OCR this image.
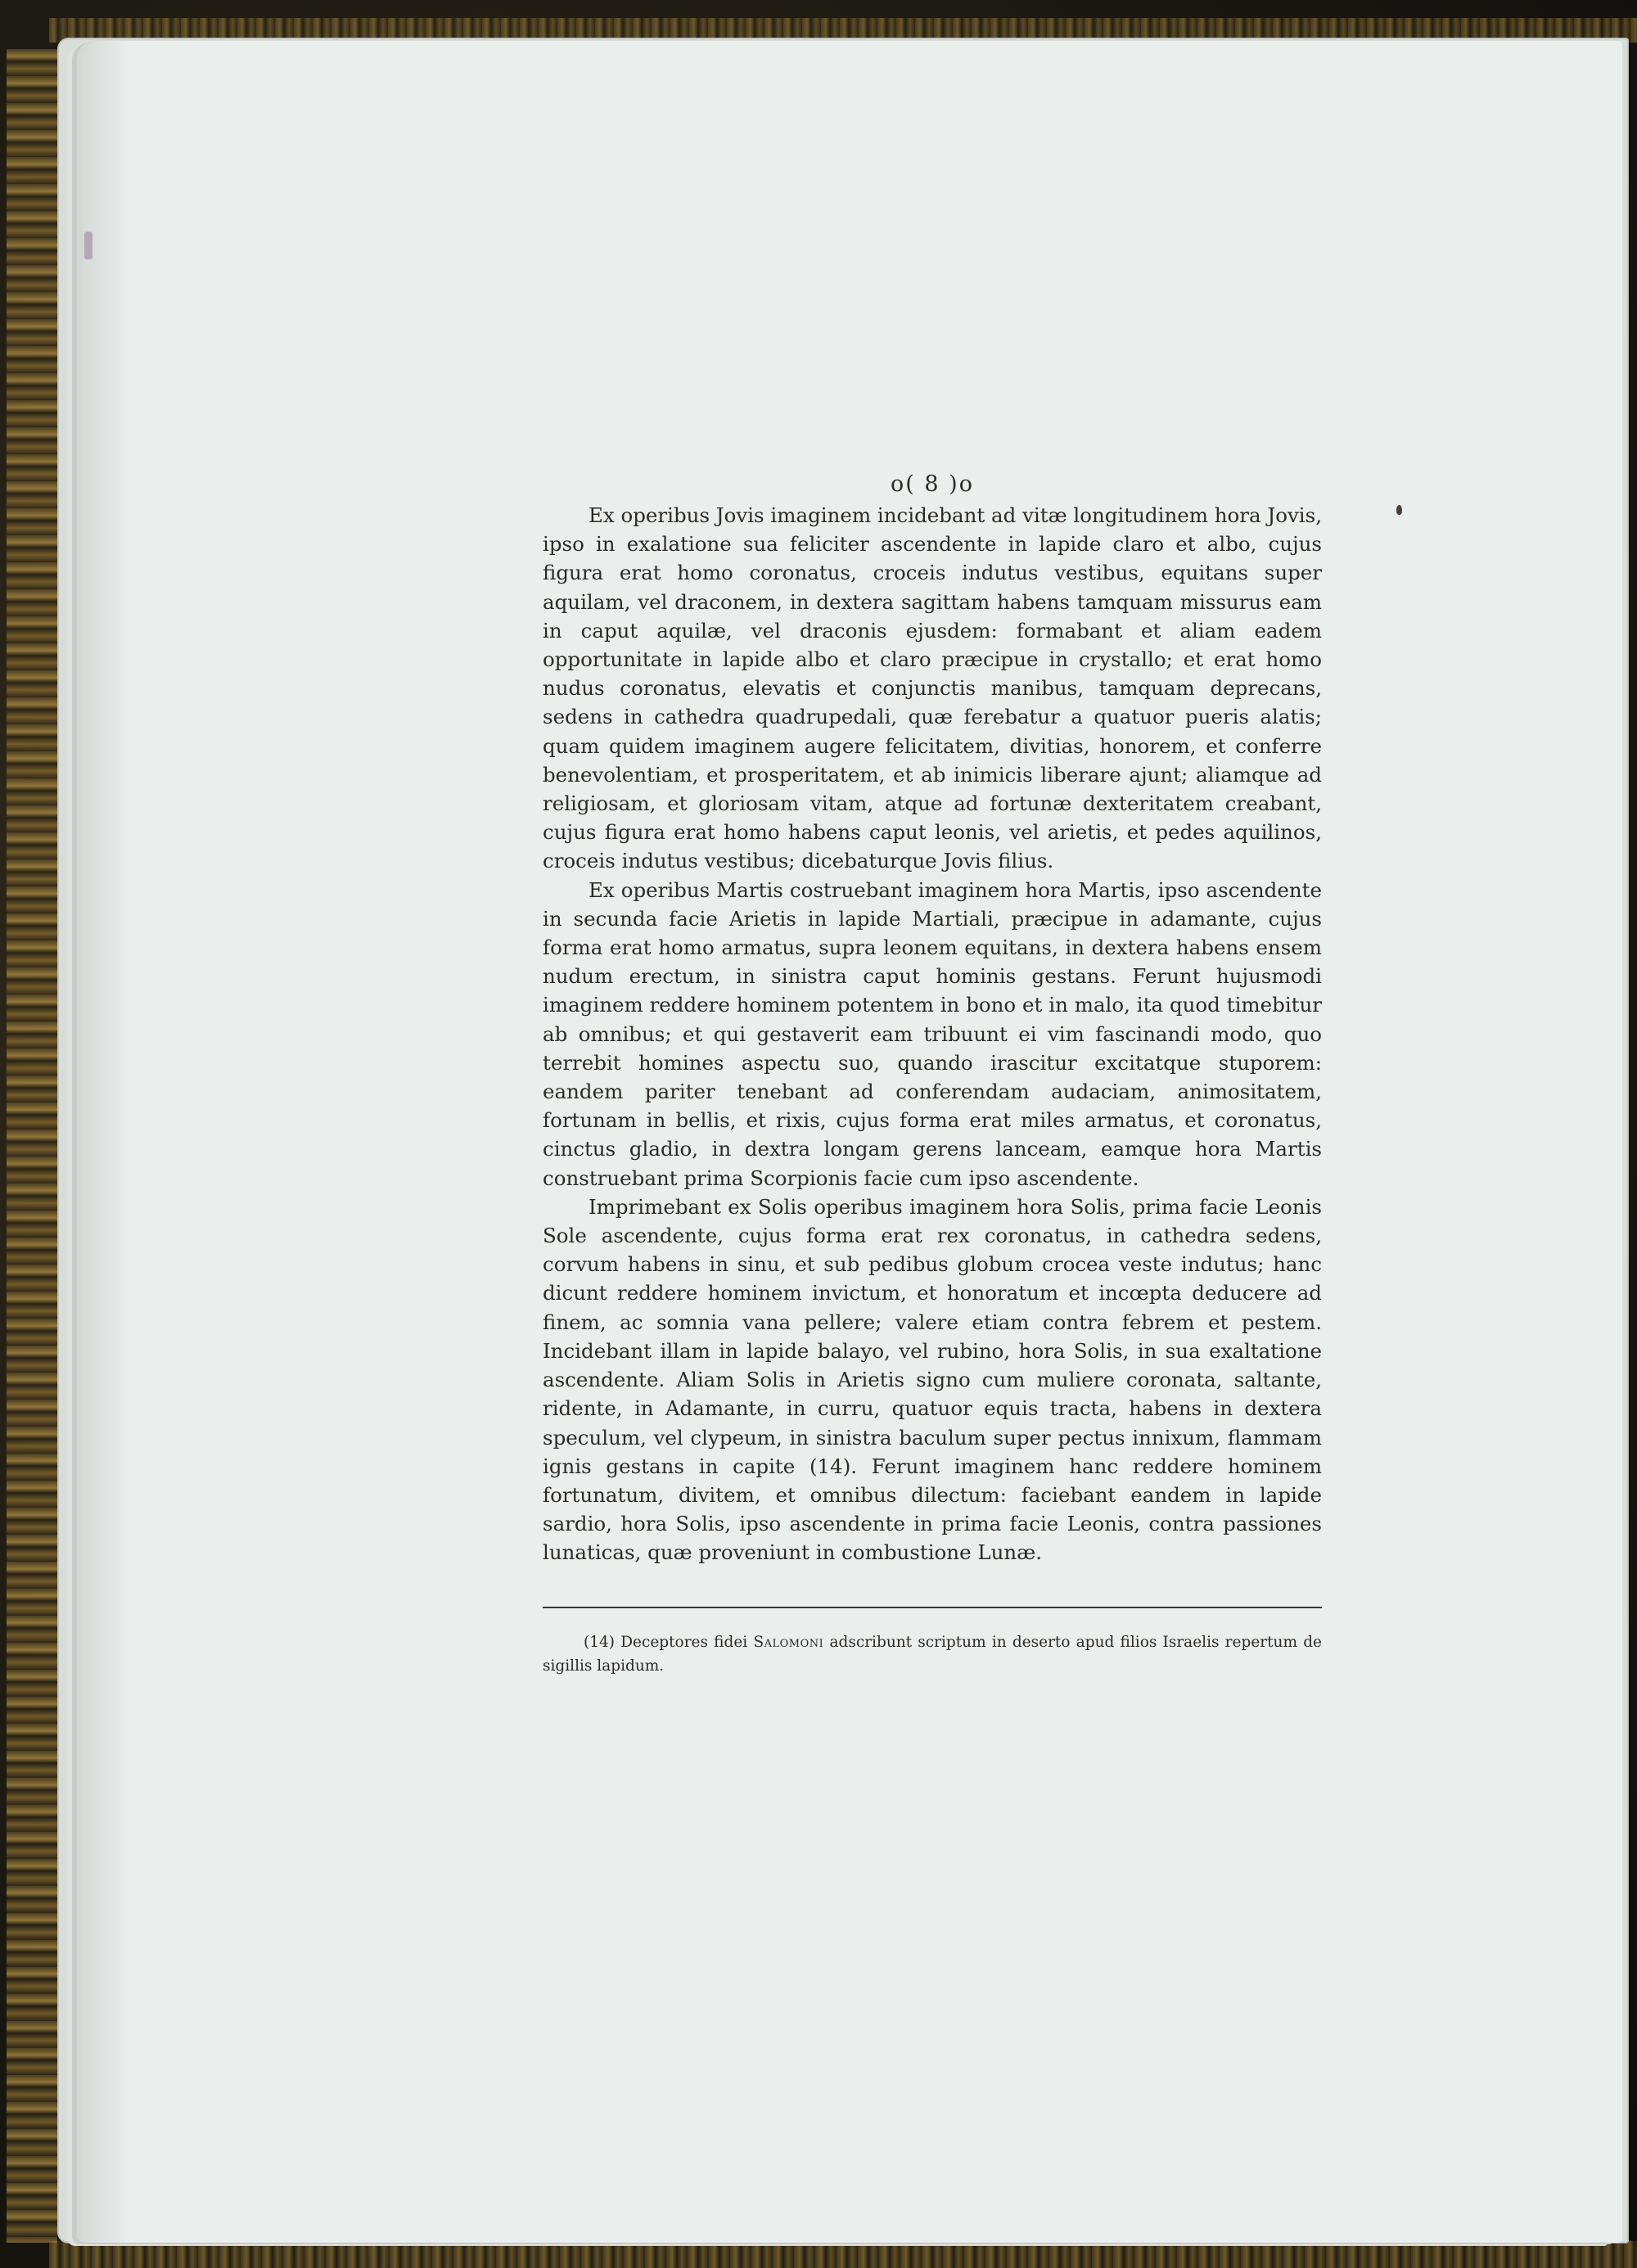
o( 8 )o

Ex operibus Jovis imaginem incidebant ad vitæ longitudinem hora Jovis, ipso in exalatione sua feliciter ascendente in lapide claro et albo, cujus figura erat homo coronatus, croceis indutus vestibus, equitans super aquilam, vel draconem, in dextera sagittam habens tamquam missurus eam in caput aquilæ, vel draconis ejusdem: formabant et aliam eadem opportunitate in lapide albo et claro præcipue in crystallo; et erat homo nudus coronatus, elevatis et conjunctis manibus, tamquam deprecans, sedens in cathedra quadrupedali, quæ ferebatur a quatuor pueris alatis; quam quidem imaginem augere felicitatem, divitias, honorem, et conferre benevolentiam, et prosperitatem, et ab inimicis liberare ajunt; aliamque ad religiosam, et gloriosam vitam, atque ad fortunæ dexteritatem creabant, cujus figura erat homo habens caput leonis, vel arietis, et pedes aquilinos, croceis indutus vestibus; dicebaturque Jovis filius.

Ex operibus Martis costruebant imaginem hora Martis, ipso ascendente in secunda facie Arietis in lapide Martiali, præcipue in adamante, cujus forma erat homo armatus, supra leonem equitans, in dextera habens ensem nudum erectum, in sinistra caput hominis gestans. Ferunt hujusmodi imaginem reddere hominem potentem in bono et in malo, ita quod timebitur ab omnibus; et qui gestaverit eam tribuunt ei vim fascinandi modo, quo terrebit homines aspectu suo, quando irascitur excitatque stuporem: eandem pariter tenebant ad conferendam audaciam, animositatem, fortunam in bellis, et rixis, cujus forma erat miles armatus, et coronatus, cinctus gladio, in dextra longam gerens lanceam, eamque hora Martis construebant prima Scorpionis facie cum ipso ascendente.

Imprimebant ex Solis operibus imaginem hora Solis, prima facie Leonis Sole ascendente, cujus forma erat rex coronatus, in cathedra sedens, corvum habens in sinu, et sub pedibus globum crocea veste indutus; hanc dicunt reddere hominem invictum, et honoratum et incœpta deducere ad finem, ac somnia vana pellere; valere etiam contra febrem et pestem. Incidebant illam in lapide balayo, vel rubino, hora Solis, in sua exaltatione ascendente. Aliam Solis in Arietis signo cum muliere coronata, saltante, ridente, in Adamante, in curru, quatuor equis tracta, habens in dextera speculum, vel clypeum, in sinistra baculum super pectus innixum, flammam ignis gestans in capite (14). Ferunt imaginem hanc reddere hominem fortunatum, divitem, et omnibus dilectum: faciebant eandem in lapide sardio, hora Solis, ipso ascendente in prima facie Leonis, contra passiones lunaticas, quæ proveniunt in combustione Lunæ.

(14) Deceptores fidei Salomoni adscribunt scriptum in deserto apud filios Israelis repertum de sigillis lapidum.
